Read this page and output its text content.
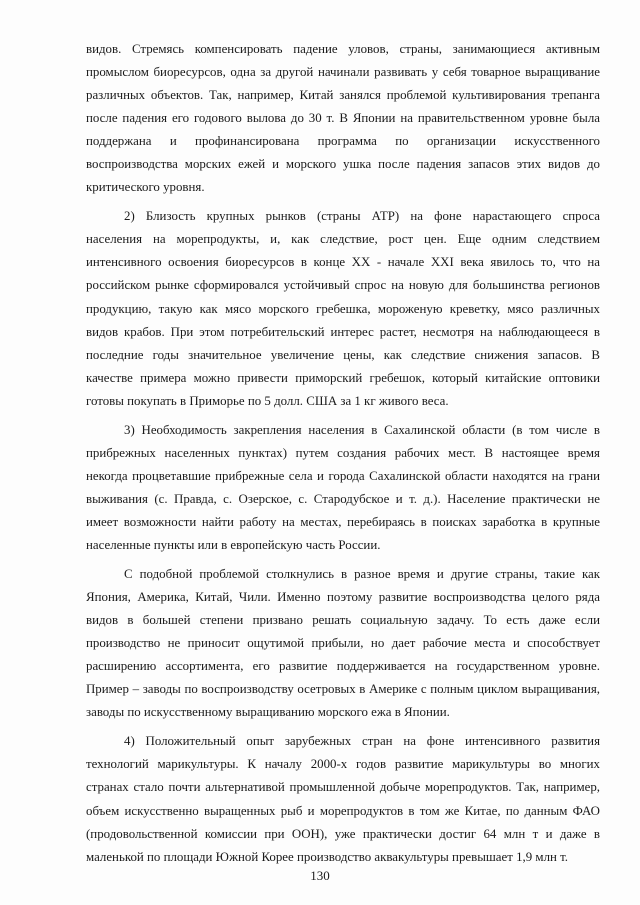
видов. Стремясь компенсировать падение уловов, страны, занимающиеся активным
промыслом биоресурсов, одна за другой начинали развивать у себя товарное выращивание
различных объектов. Так, например, Китай занялся проблемой культивирования трепанга
после падения его годового вылова до 30 т. В Японии на правительственном уровне была
поддержана и профинансирована программа по организации искусственного
воспроизводства морских ежей и морского ушка после падения запасов этих видов до
критического уровня.
2) Близость крупных рынков (страны АТР) на фоне нарастающего спроса
населения на морепродукты, и, как следствие, рост цен. Еще одним следствием
интенсивного освоения биоресурсов в конце XX - начале XXI века явилось то, что на
российском рынке сформировался устойчивый спрос на новую для большинства регионов
продукцию, такую как мясо морского гребешка, мороженую креветку, мясо различных
видов крабов. При этом потребительский интерес растет, несмотря на наблюдающееся в
последние годы значительное увеличение цены, как следствие снижения запасов. В
качестве примера можно привести приморский гребешок, который китайские оптовики
готовы покупать в Приморье по 5 долл. США за 1 кг живого веса.
3) Необходимость закрепления населения в Сахалинской области (в том числе в
прибрежных населенных пунктах) путем создания рабочих мест. В настоящее время
некогда процветавшие прибрежные села и города Сахалинской области находятся на грани
выживания (с. Правда, с. Озерское, с. Стародубское и т. д.). Население практически не
имеет возможности найти работу на местах, перебираясь в поисках заработка в крупные
населенные пункты или в европейскую часть России.
С подобной проблемой столкнулись в разное время и другие страны, такие как
Япония, Америка, Китай, Чили. Именно поэтому развитие воспроизводства целого ряда
видов в большей степени призвано решать социальную задачу. То есть даже если
производство не приносит ощутимой прибыли, но дает рабочие места и способствует
расширению ассортимента, его развитие поддерживается на государственном уровне.
Пример – заводы по воспроизводству осетровых в Америке с полным циклом выращивания,
заводы по искусственному выращиванию морского ежа в Японии.
4) Положительный опыт зарубежных стран на фоне интенсивного развития
технологий марикультуры. К началу 2000-х годов развитие марикультуры во многих
странах стало почти альтернативой промышленной добыче морепродуктов. Так, например,
объем искусственно выращенных рыб и морепродуктов в том же Китае, по данным ФАО
(продовольственной комиссии при ООН), уже практически достиг 64 млн т и даже в
маленькой по площади Южной Корее производство аквакультуры превышает 1,9 млн т.
130
